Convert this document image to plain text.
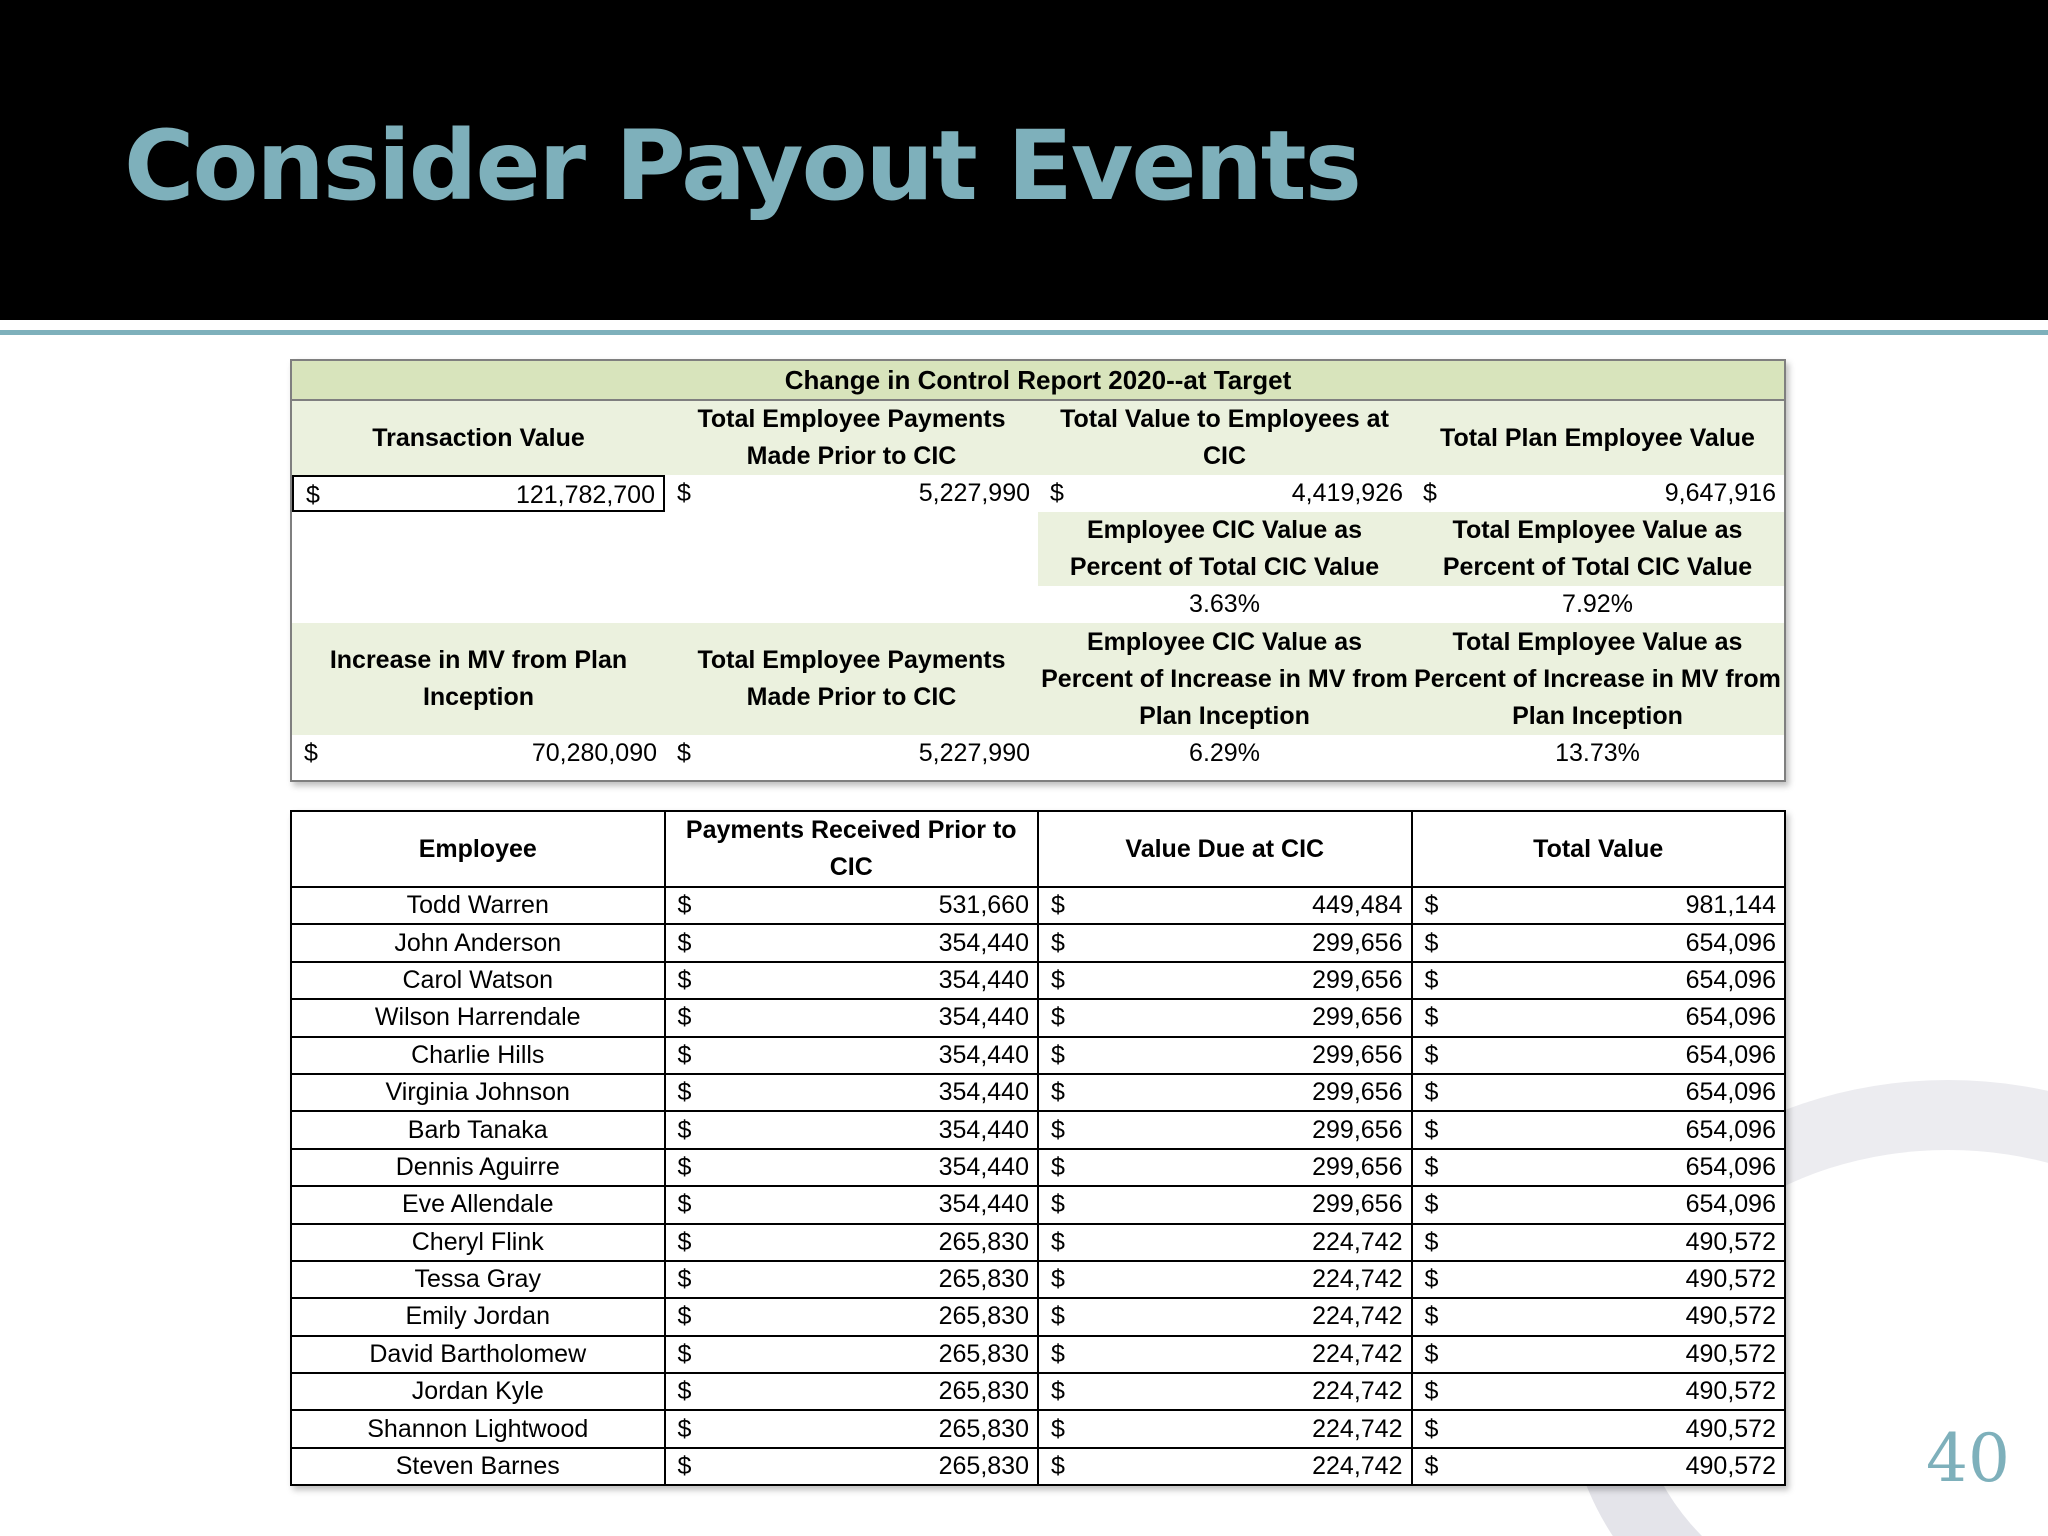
Consider Payout Events
Change in Control Report 2020--at Target
Transaction Value
Total Employee Payments Made Prior to CIC
Total Value to Employees at CIC
Total Plan Employee Value
$	121,782,700 $	5,227,990 $	4,419,926 $	9,647,916
Employee CIC Value as Percent of Total CIC Value
Total Employee Value as Percent of Total CIC Value
3.63%	7.92%
Increase in MV from Plan Inception
Total Employee Payments Made Prior to CIC
Employee CIC Value as Percent of Increase in MV from Plan Inception
Total Employee Value as Percent of Increase in MV from Plan Inception
$	70,280,090 $	5,227,990	6.29%	13.73%
Employee	Payments Received Prior to CIC	Value Due at CIC	Total Value
Todd Warren	$ 531,660	$ 449,484	$ 981,144

John Anderson	$ 354,440	$ 299,656	$ 654,096

Carol Watson	$ 354,440	$ 299,656	$ 654,096

Wilson Harrendale	$ 354,440	$ 299,656	$ 654,096

Charlie Hills	$ 354,440	$ 299,656	$ 654,096

Virginia Johnson	$ 354,440	$ 299,656	$ 654,096

Barb Tanaka	$ 354,440	$ 299,656	$ 654,096

Dennis Aguirre	$ 354,440	$ 299,656	$ 654,096

Eve Allendale	$ 354,440	$ 299,656	$ 654,096

Cheryl Flink	$ 265,830	$ 224,742	$ 490,572

Tessa Gray	$ 265,830	$ 224,742	$ 490,572

Emily Jordan	$ 265,830	$ 224,742	$ 490,572

David Bartholomew	$ 265,830	$ 224,742	$ 490,572

Jordan Kyle	$ 265,830	$ 224,742	$ 490,572

Shannon Lightwood	$ 265,830	$ 224,742	$ 490,572

Steven Barnes	$ 265,830	$ 224,742	$ 490,572 40
